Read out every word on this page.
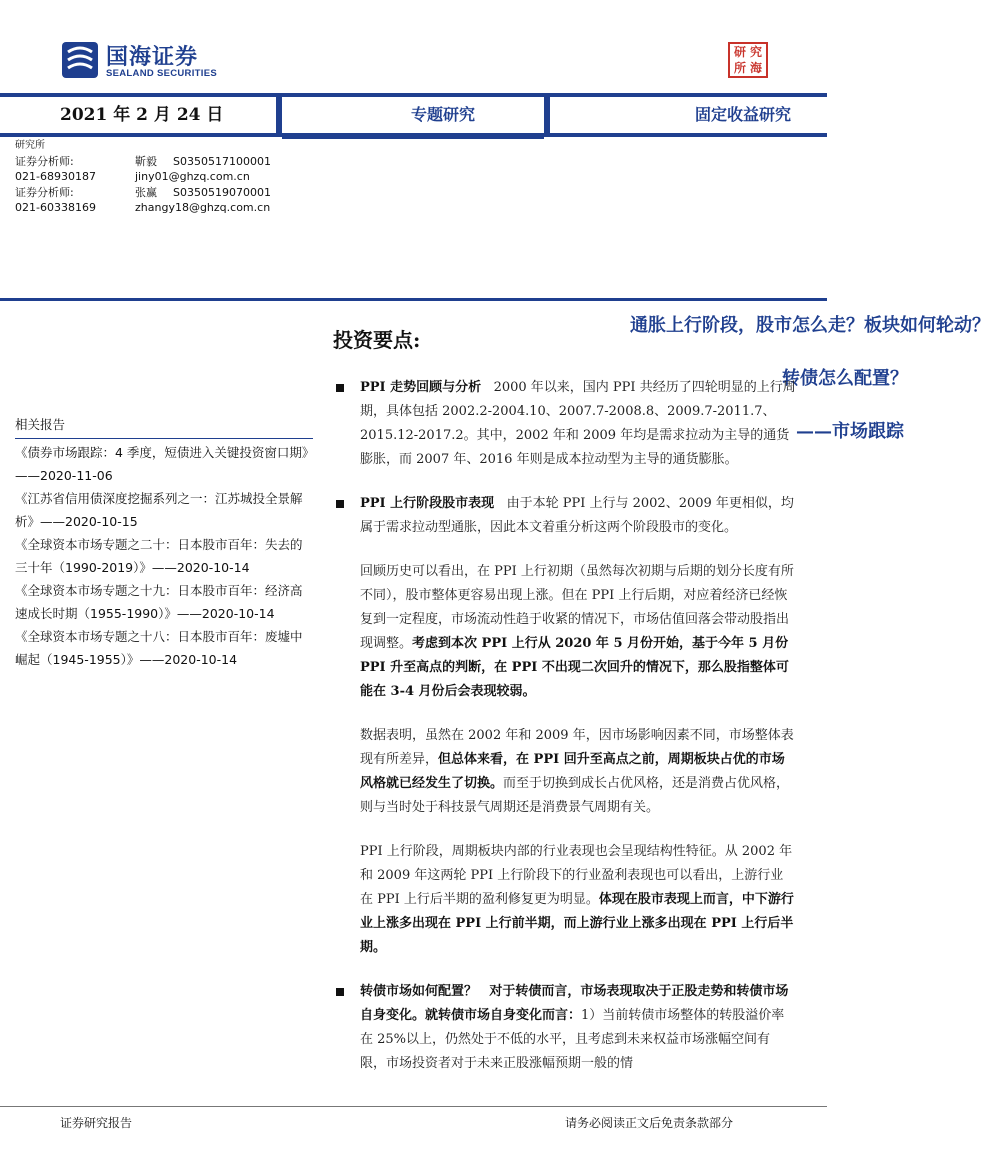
国海证券
SEALAND SECURITIES
研 究
所 海
2021 年 2 月 24 日	专题研究	固定收益研究
研究所
证券分析师:	靳毅	S0350517100001
021-68930187	jiny01@ghzq.com.cn
证券分析师:	张赢	S0350519070001
021-60338169	zhangy18@ghzq.com.cn
通胀上行阶段，股市怎么走？板块如何轮动？
转债怎么配置？
——市场跟踪
投资要点:
相关报告
《债券市场跟踪：4 季度，短债进入关键投资窗口期》——2020-11-06
《江苏省信用债深度挖掘系列之一：江苏城投全景解析》——2020-10-15
《全球资本市场专题之二十：日本股市百年：失去的三十年（1990-2019）》——2020-10-14
《全球资本市场专题之十九：日本股市百年：经济高速成长时期（1955-1990）》——2020-10-14
《全球资本市场专题之十八：日本股市百年：废墟中崛起（1945-1955）》——2020-10-14
PPI 走势回顾与分析 2000 年以来，国内 PPI 共经历了四轮明显的上行周期，具体包括 2002.2-2004.10、2007.7-2008.8、2009.7-2011.7、2015.12-2017.2。其中，2002 年和 2009 年均是需求拉动为主导的通货膨胀，而 2007 年、2016 年则是成本拉动型为主导的通货膨胀。
PPI 上行阶段股市表现 由于本轮 PPI 上行与 2002、2009 年更相似，均属于需求拉动型通胀，因此本文着重分析这两个阶段股市的变化。
回顾历史可以看出，在 PPI 上行初期（虽然每次初期与后期的划分长度有所不同），股市整体更容易出现上涨。但在 PPI 上行后期，对应着经济已经恢复到一定程度，市场流动性趋于收紧的情况下，市场估值回落会带动股指出现调整。考虑到本次 PPI 上行从 2020 年 5 月份开始，基于今年 5 月份 PPI 升至高点的判断，在 PPI 不出现二次回升的情况下，那么股指整体可能在 3-4 月份后会表现较弱。
数据表明，虽然在 2002 年和 2009 年，因市场影响因素不同，市场整体表现有所差异，但总体来看，在 PPI 回升至高点之前，周期板块占优的市场风格就已经发生了切换。而至于切换到成长占优风格，还是消费占优风格，则与当时处于科技景气周期还是消费景气周期有关。
PPI 上行阶段，周期板块内部的行业表现也会呈现结构性特征。从 2002 年和 2009 年这两轮 PPI 上行阶段下的行业盈利表现也可以看出，上游行业在 PPI 上行后半期的盈利修复更为明显。体现在股市表现上而言，中下游行业上涨多出现在 PPI 上行前半期，而上游行业上涨多出现在 PPI 上行后半期。
转债市场如何配置？ 对于转债而言，市场表现取决于正股走势和转债市场自身变化。就转债市场自身变化而言：1）当前转债市场整体的转股溢价率在 25%以上，仍然处于不低的水平，且考虑到未来权益市场涨幅空间有限，市场投资者对于未来正股涨幅预期一般的情
证券研究报告	请务必阅读正文后免责条款部分
